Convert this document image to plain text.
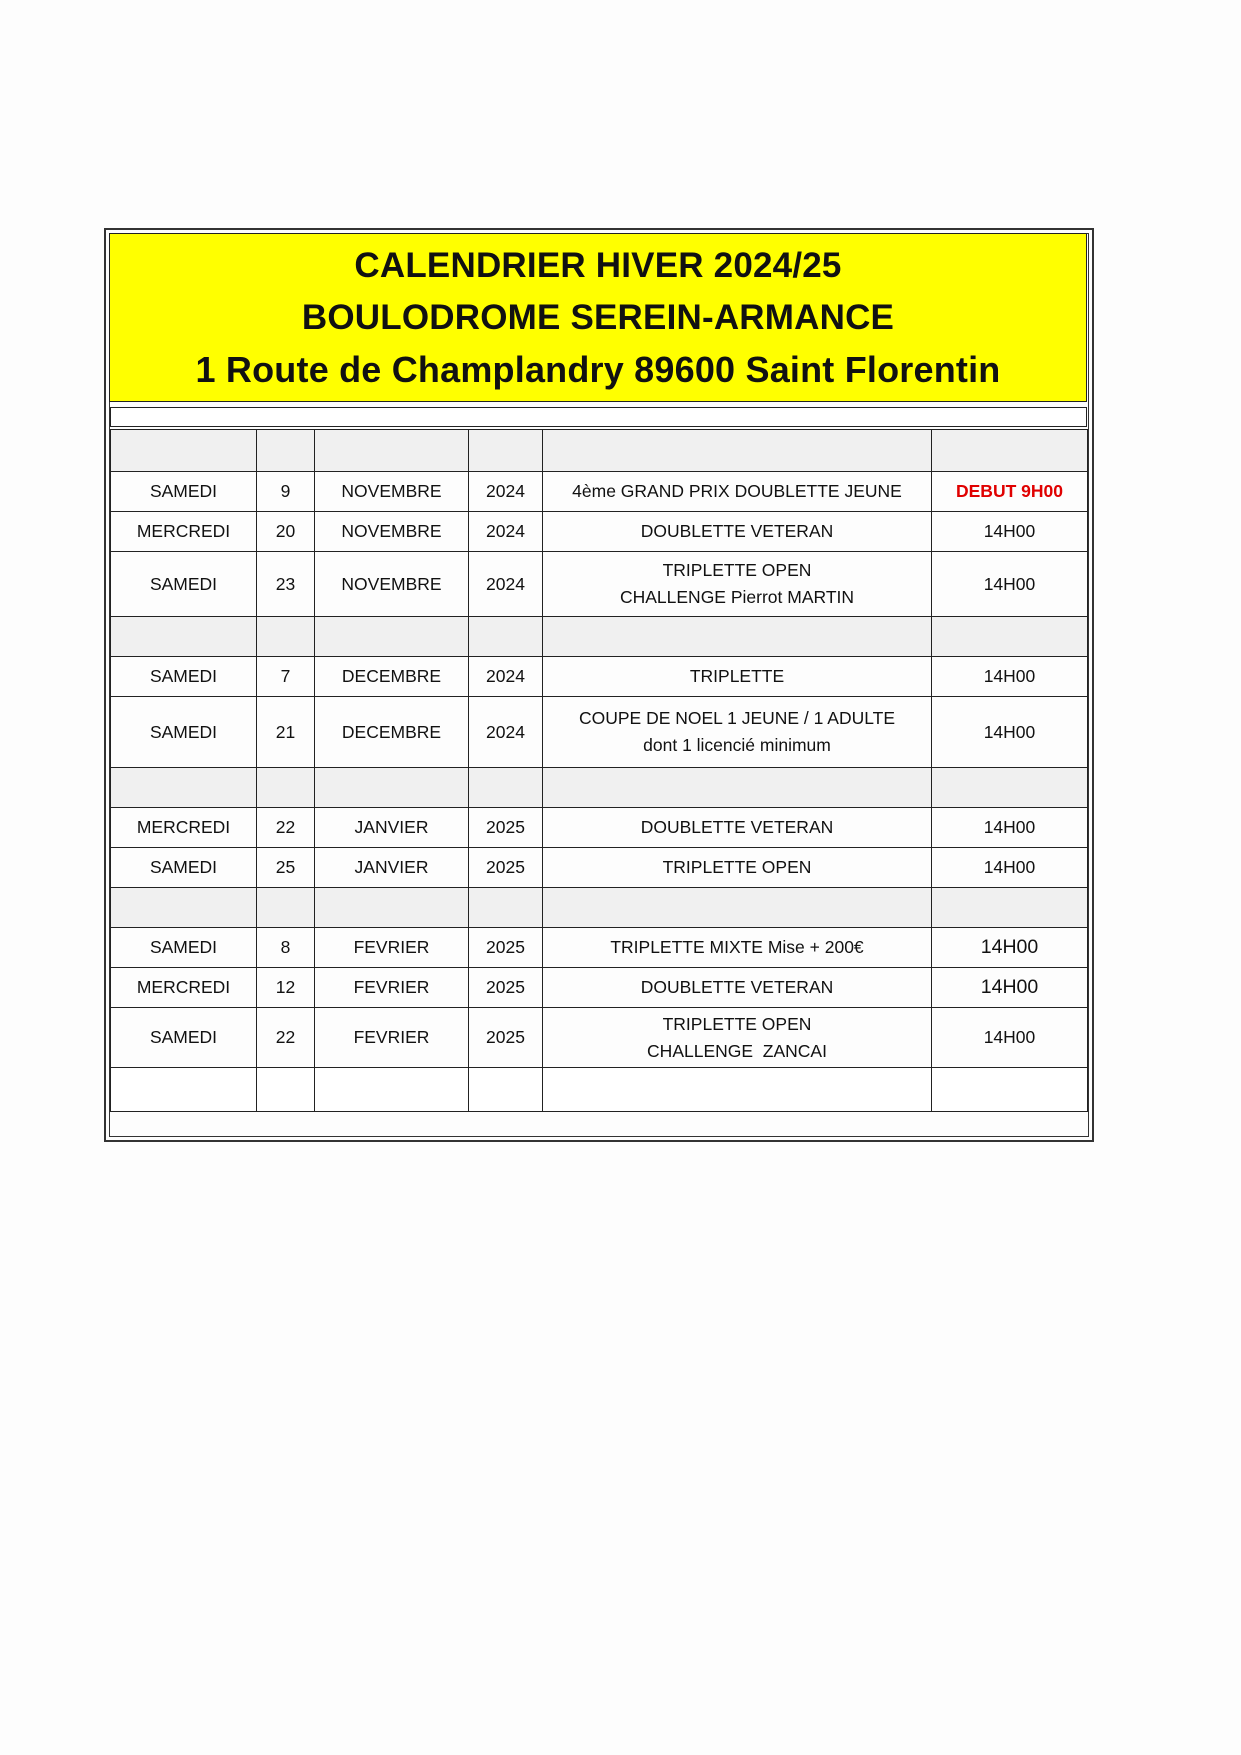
CALENDRIER HIVER 2024/25
BOULODROME SEREIN-ARMANCE
1 Route de Champlandry 89600 Saint Florentin

SAMEDI	9	NOVEMBRE	2024	4ème GRAND PRIX DOUBLETTE JEUNE	DEBUT 9H00
MERCREDI	20	NOVEMBRE	2024	DOUBLETTE VETERAN	14H00
SAMEDI	23	NOVEMBRE	2024	TRIPLETTE OPEN
CHALLENGE Pierrot MARTIN	14H00

SAMEDI	7	DECEMBRE	2024	TRIPLETTE	14H00
SAMEDI	21	DECEMBRE	2024	COUPE DE NOEL 1 JEUNE / 1 ADULTE
dont 1 licencié minimum	14H00

MERCREDI	22	JANVIER	2025	DOUBLETTE VETERAN	14H00
SAMEDI	25	JANVIER	2025	TRIPLETTE OPEN	14H00

SAMEDI	8	FEVRIER	2025	TRIPLETTE MIXTE Mise + 200€	14H00
MERCREDI	12	FEVRIER	2025	DOUBLETTE VETERAN	14H00
SAMEDI	22	FEVRIER	2025	TRIPLETTE OPEN
CHALLENGE  ZANCAI	14H00
